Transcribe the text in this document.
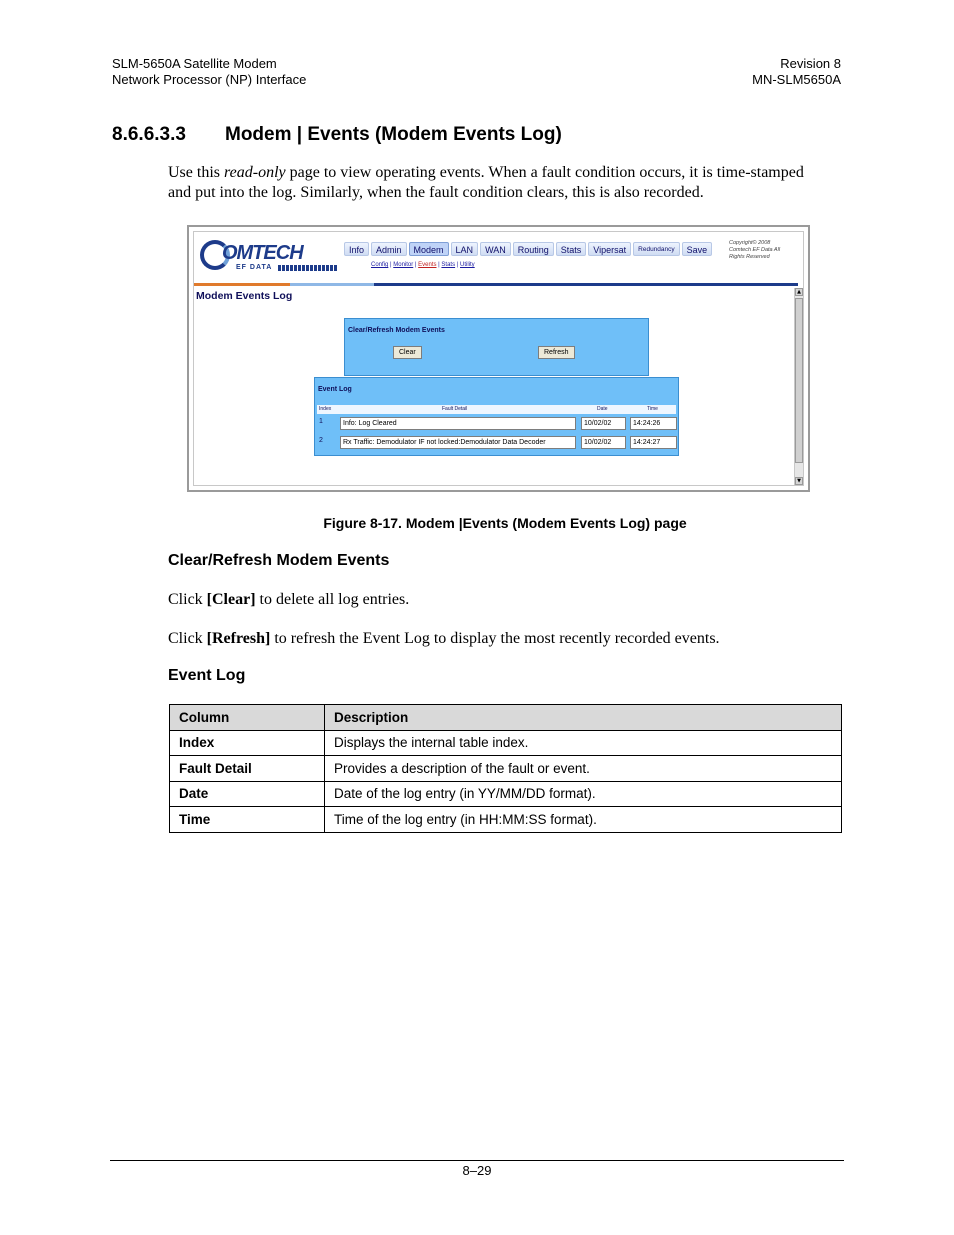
SLM-5650A Satellite Modem
Network Processor (NP) Interface
Revision 8
MN-SLM5650A
8.6.6.3.3 Modem | Events (Modem Events Log)
Use this read-only page to view operating events. When a fault condition occurs, it is time-stamped and put into the log. Similarly, when the fault condition clears, this is also recorded.
OMTECH
EF DATA
Info	Admin	Modem	LAN	WAN	Routing	Stats	Vipersat	Redundancy	Save
Config | Monitor | Events | Stats | Utility
Copyright© 2008 Comtech EF Data All Rights Reserved
Modem Events Log	▲
▼
Clear/Refresh Modem Events
Clear	Refresh
Event Log
Index	Fault Detail	Date	Time
1	Info: Log Cleared	10/02/02	14:24:26
2	Rx Traffic: Demodulator IF not locked:Demodulator Data Decoder	10/02/02	14:24:27
Figure 8-17. Modem |Events (Modem Events Log) page
Clear/Refresh Modem Events
Click [Clear] to delete all log entries.
Click [Refresh] to refresh the Event Log to display the most recently recorded events.
Event Log
Column	Description
Index	Displays the internal table index.
Fault Detail	Provides a description of the fault or event.
Date	Date of the log entry (in YY/MM/DD format).
Time	Time of the log entry (in HH:MM:SS format).
8–29
